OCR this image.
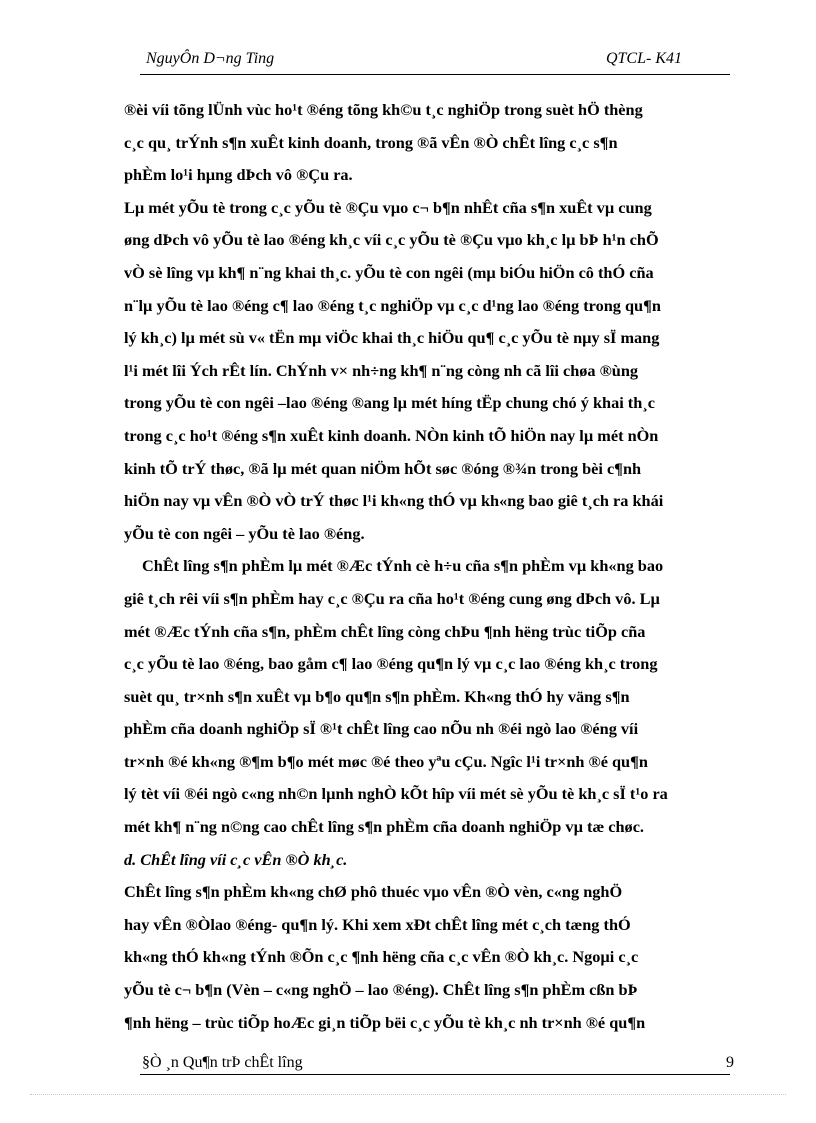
NguyÔn D¬ng Ting	QTCL- K41
®èi víi tõng lÜnh vùc ho¹t ®éng tõng kh©u t¸c nghiÖp trong suèt hÖ thèng
c¸c qu¸ trÝnh s¶n xuÊt kinh doanh, trong ®ã vÊn ®Ò chÊt lîng c¸c s¶n
phÈm lo¹i hµng dÞch vô ®Çu ra.
Lµ mét yÕu tè trong c¸c yÕu tè ®Çu vµo c¬ b¶n nhÊt cña s¶n xuÊt vµ cung
øng dÞch vô yÕu tè lao ®éng kh¸c víi c¸c yÕu tè ®Çu vµo kh¸c lµ bÞ h¹n chÕ
vÒ sè lîng vµ kh¶ n¨ng khai th¸c. yÕu tè con ngêi (mµ biÓu hiÖn cô thÓ cña
n¨lµ yÕu tè lao ®éng c¶ lao ®éng t¸c nghiÖp vµ c¸c d¹ng lao ®éng trong qu¶n
lý kh¸c) lµ mét sù v« tËn mµ viÖc khai th¸c hiÖu qu¶ c¸c yÕu tè nµy sÏ mang
l¹i mét lîi Ých rÊt lín. ChÝnh v× nh÷ng kh¶ n¨ng còng nh cã lîi chøa ®ùng
trong yÕu tè con ngêi –lao ®éng ®ang lµ mét híng tËp chung chó ý khai th¸c
trong c¸c ho¹t ®éng s¶n xuÊt kinh doanh. NÒn kinh tÕ hiÖn nay lµ mét nÒn
kinh tÕ trÝ thøc, ®ã lµ mét quan niÖm hÕt søc ®óng ®¾n trong bèi c¶nh
hiÖn nay vµ vÊn ®Ò vÒ trÝ thøc l¹i kh«ng thÓ vµ kh«ng bao giê t¸ch ra khái
yÕu tè con ngêi – yÕu tè lao ®éng.
ChÊt lîng s¶n phÈm lµ mét ®Æc tÝnh cè h÷u cña s¶n phÈm vµ kh«ng bao
giê t¸ch rêi víi s¶n phÈm hay c¸c ®Çu ra cña ho¹t ®éng cung øng dÞch vô. Lµ
mét ®Æc tÝnh cña s¶n, phÈm chÊt lîng còng chÞu ¶nh hëng trùc tiÕp cña
c¸c yÕu tè lao ®éng, bao gåm c¶ lao ®éng qu¶n lý vµ c¸c lao ®éng kh¸c trong
suèt qu¸ tr×nh s¶n xuÊt vµ b¶o qu¶n s¶n phÈm. Kh«ng thÓ hy väng s¶n
phÈm cña doanh nghiÖp sÏ ®¹t chÊt lîng cao nÕu nh ®éi ngò lao ®éng víi
tr×nh ®é kh«ng ®¶m b¶o mét møc ®é theo yªu cÇu. Ngîc l¹i tr×nh ®é qu¶n
lý tèt víi ®éi ngò c«ng nh©n lµnh nghÒ kÕt hîp víi mét sè yÕu tè kh¸c sÏ t¹o ra
mét kh¶ n¨ng n©ng cao chÊt lîng s¶n phÈm cña doanh nghiÖp vµ tæ chøc.
d. ChÊt lîng víi c¸c vÊn ®Ò kh¸c.
ChÊt lîng s¶n phÈm kh«ng chØ phô thuéc vµo vÊn ®Ò vèn, c«ng nghÖ
hay vÊn ®Òlao ®éng- qu¶n lý. Khi xem xÐt chÊt lîng mét c¸ch tæng thÓ
kh«ng thÓ kh«ng tÝnh ®Õn c¸c ¶nh hëng cña c¸c vÊn ®Ò kh¸c. Ngoµi c¸c
yÕu tè c¬ b¶n (Vèn – c«ng nghÖ – lao ®éng). ChÊt lîng s¶n phÈm cßn bÞ
¶nh hëng – trùc tiÕp hoÆc gi¸n tiÕp bëi c¸c yÕu tè kh¸c nh tr×nh ®é qu¶n
§Ò ¸n Qu¶n trÞ chÊt lîng	9
